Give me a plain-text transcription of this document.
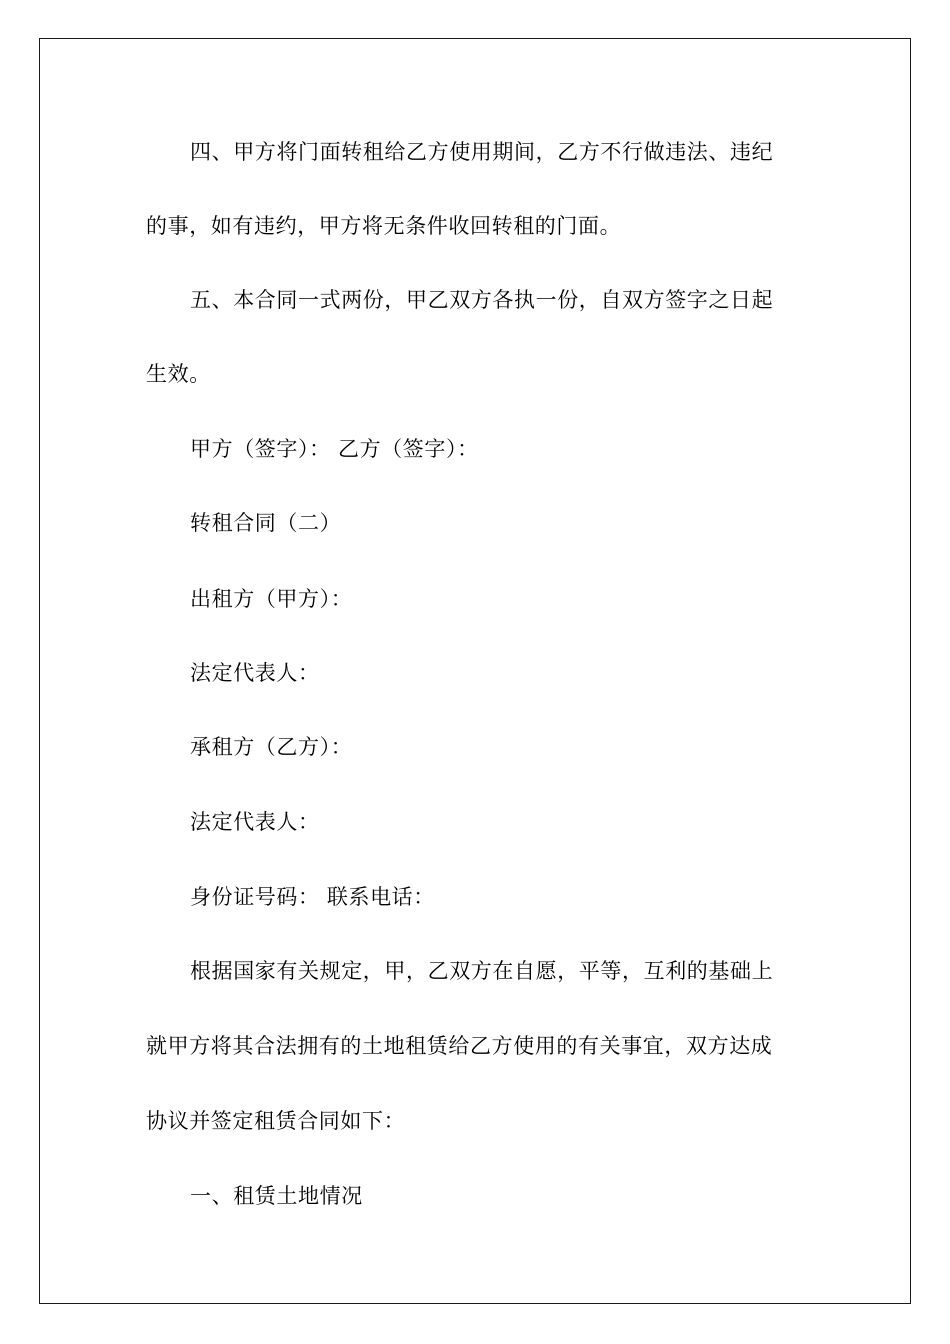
四、甲方将门面转租给乙方使用期间，乙方不行做违法、违纪
的事，如有违约，甲方将无条件收回转租的门面。
五、本合同一式两份，甲乙双方各执一份，自双方签字之日起
生效。
甲方（签字）： 乙方（签字）：
转租合同（二）
出租方（甲方）：
法定代表人：
承租方（乙方）：
法定代表人：
身份证号码： 联系电话：
根据国家有关规定，甲，乙双方在自愿，平等，互利的基础上
就甲方将其合法拥有的土地租赁给乙方使用的有关事宜，双方达成
协议并签定租赁合同如下：
一、租赁土地情况
